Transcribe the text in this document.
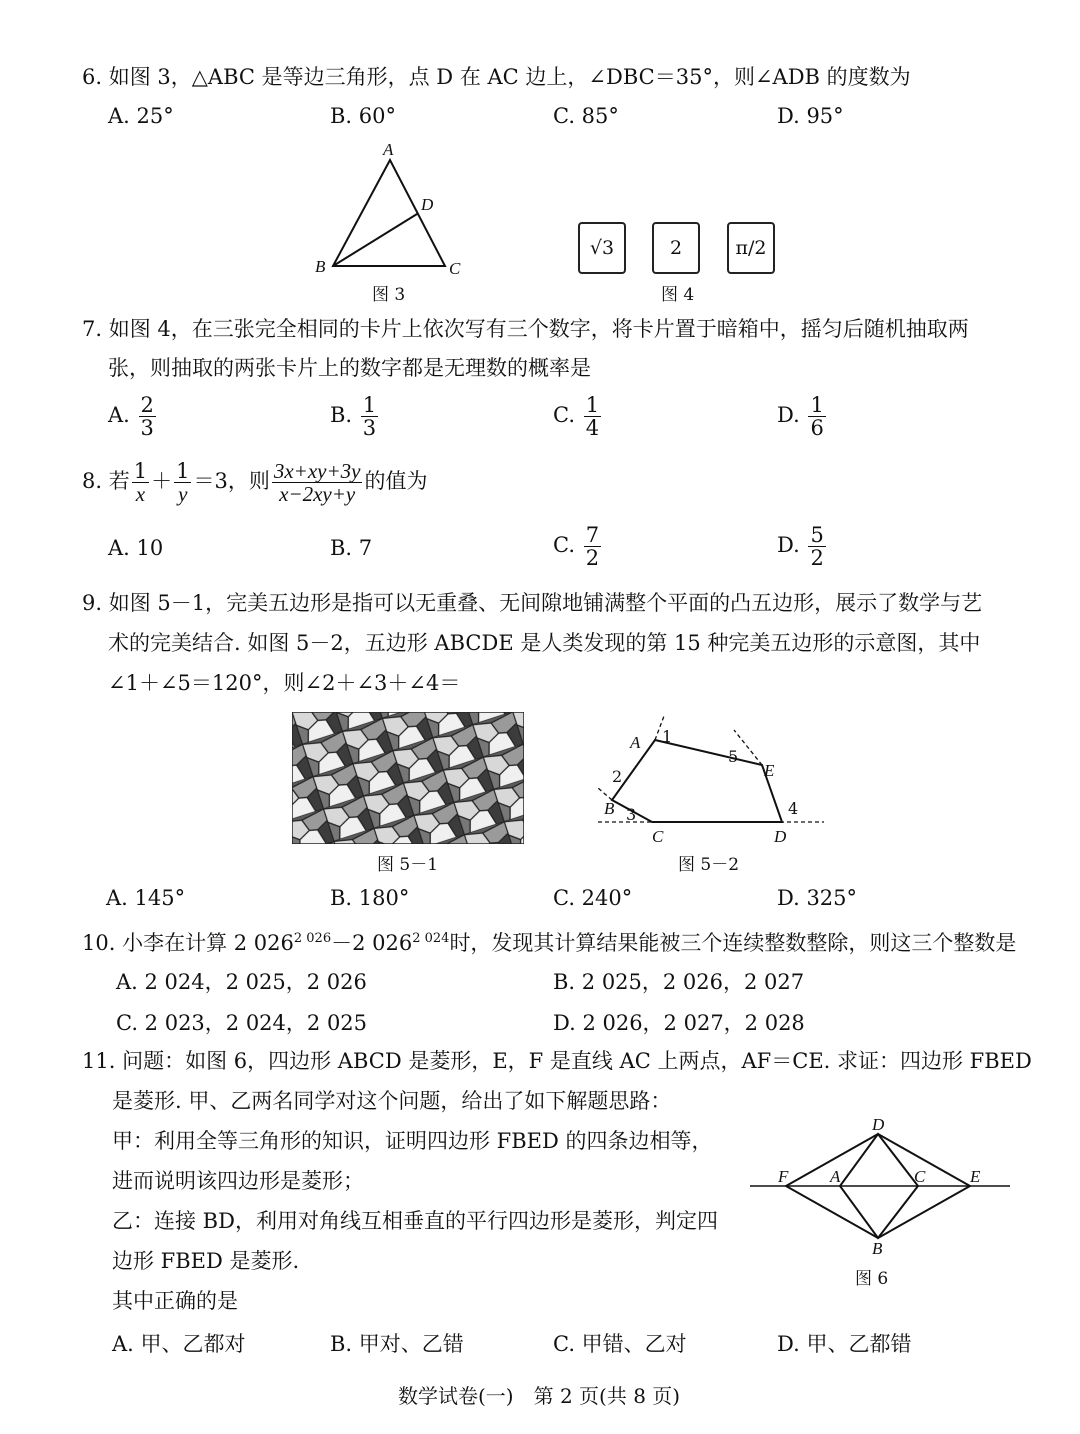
6. 如图 3，△ABC 是等边三角形，点 D 在 AC 边上，∠DBC＝35°，则∠ADB 的度数为
A. 25°	B. 60°	C. 85°	D. 95°
A
B	C
D
图 3
√3	2	π/2
图 4
7. 如图 4，在三张完全相同的卡片上依次写有三个数字，将卡片置于暗箱中，摇匀后随机抽取两
张，则抽取的两张卡片上的数字都是无理数的概率是
A. $\frac{2}{3}$	B. $\frac{1}{3}$	C. $\frac{1}{4}$	D. $\frac{1}{6}$
8. 若 $\frac{1}{x} + \frac{1}{y} =3$，则 $\frac{3x+xy+3y}{x-2xy+y}$ 的值为
A. 10	B. 7	C. $\frac{7}{2}$	D. $\frac{5}{2}$
9. 如图 5－1，完美五边形是指可以无重叠、无间隙地铺满整个平面的凸五边形，展示了数学与艺
术的完美结合. 如图 5－2，五边形 ABCDE 是人类发现的第 15 种完美五边形的示意图，其中
∠1＋∠5＝120°，则∠2＋∠3＋∠4＝
图 5－1
A
B
C	D
E
1
2
3	4
5
图 5－2
A. 145°	B. 180°	C. 240°	D. 325°
10. 小李在计算 2 $026^{2 026}-2$ $026^{2 024}$时，发现其计算结果能被三个连续整数整除，则这三个整数是
A. 2 024，2 025，2 026	B. 2 025，2 026，2 027
C. 2 023，2 024，2 025	D. 2 026，2 027，2 028
11. 问题：如图 6，四边形 ABCD 是菱形，E，F 是直线 AC 上两点，AF＝CE. 求证：四边形 FBED
是菱形. 甲、乙两名同学对这个问题，给出了如下解题思路：
甲：利用全等三角形的知识，证明四边形 FBED 的四条边相等，
进而说明该四边形是菱形；
乙：连接 BD，利用对角线互相垂直的平行四边形是菱形，判定四
边形 FBED 是菱形.
其中正确的是
D
F A	C	E
B
图 6
A. 甲、乙都对	B. 甲对、乙错	C. 甲错、乙对	D. 甲、乙都错
数学试卷(一)　第 2 页(共 8 页)
